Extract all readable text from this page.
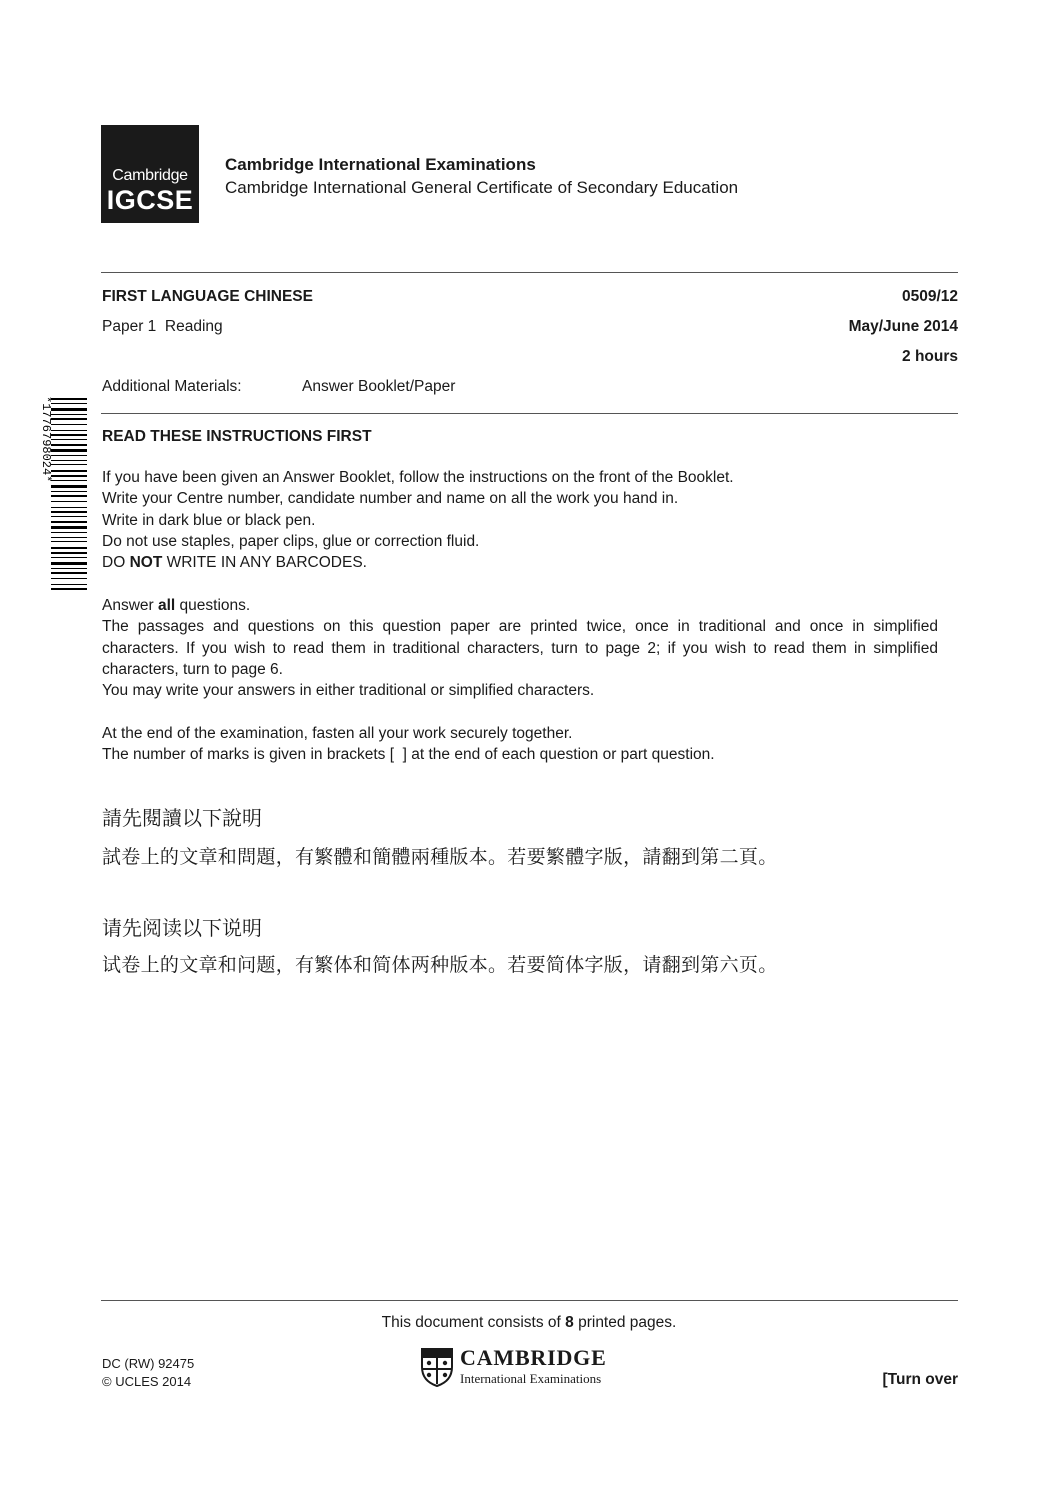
Cambridge
IGCSE
Cambridge International Examinations
Cambridge International General Certificate of Secondary Education
FIRST LANGUAGE CHINESE	0509/12
Paper 1  Reading	May/June 2014
2 hours
Additional Materials:	Answer Booklet/Paper
*1776798024*	READ THESE INSTRUCTIONS FIRST

If you have been given an Answer Booklet, follow the instructions on the front of the Booklet.

Write your Centre number, candidate number and name on all the work you hand in.

Write in dark blue or black pen.

Do not use staples, paper clips, glue or correction fluid.

DO NOT WRITE IN ANY BARCODES.

Answer all questions.

The passages and questions on this question paper are printed twice, once in traditional and once in simplified characters. If you wish to read them in traditional characters, turn to page 2; if you wish to read them in simplified characters, turn to page 6.

You may write your answers in either traditional or simplified characters.

At the end of the examination, fasten all your work securely together.

The number of marks is given in brackets [  ] at the end of each question or part question.

請先閱讀以下說明
試卷上的文章和問題，有繁體和簡體兩種版本。若要繁體字版，請翻到第二頁。
请先阅读以下说明
试卷上的文章和问题，有繁体和简体两种版本。若要简体字版，请翻到第六页。
This document consists of 8 printed pages.
DC (RW) 92475
© UCLES 2014
CAMBRIDGE
International Examinations	[Turn over
